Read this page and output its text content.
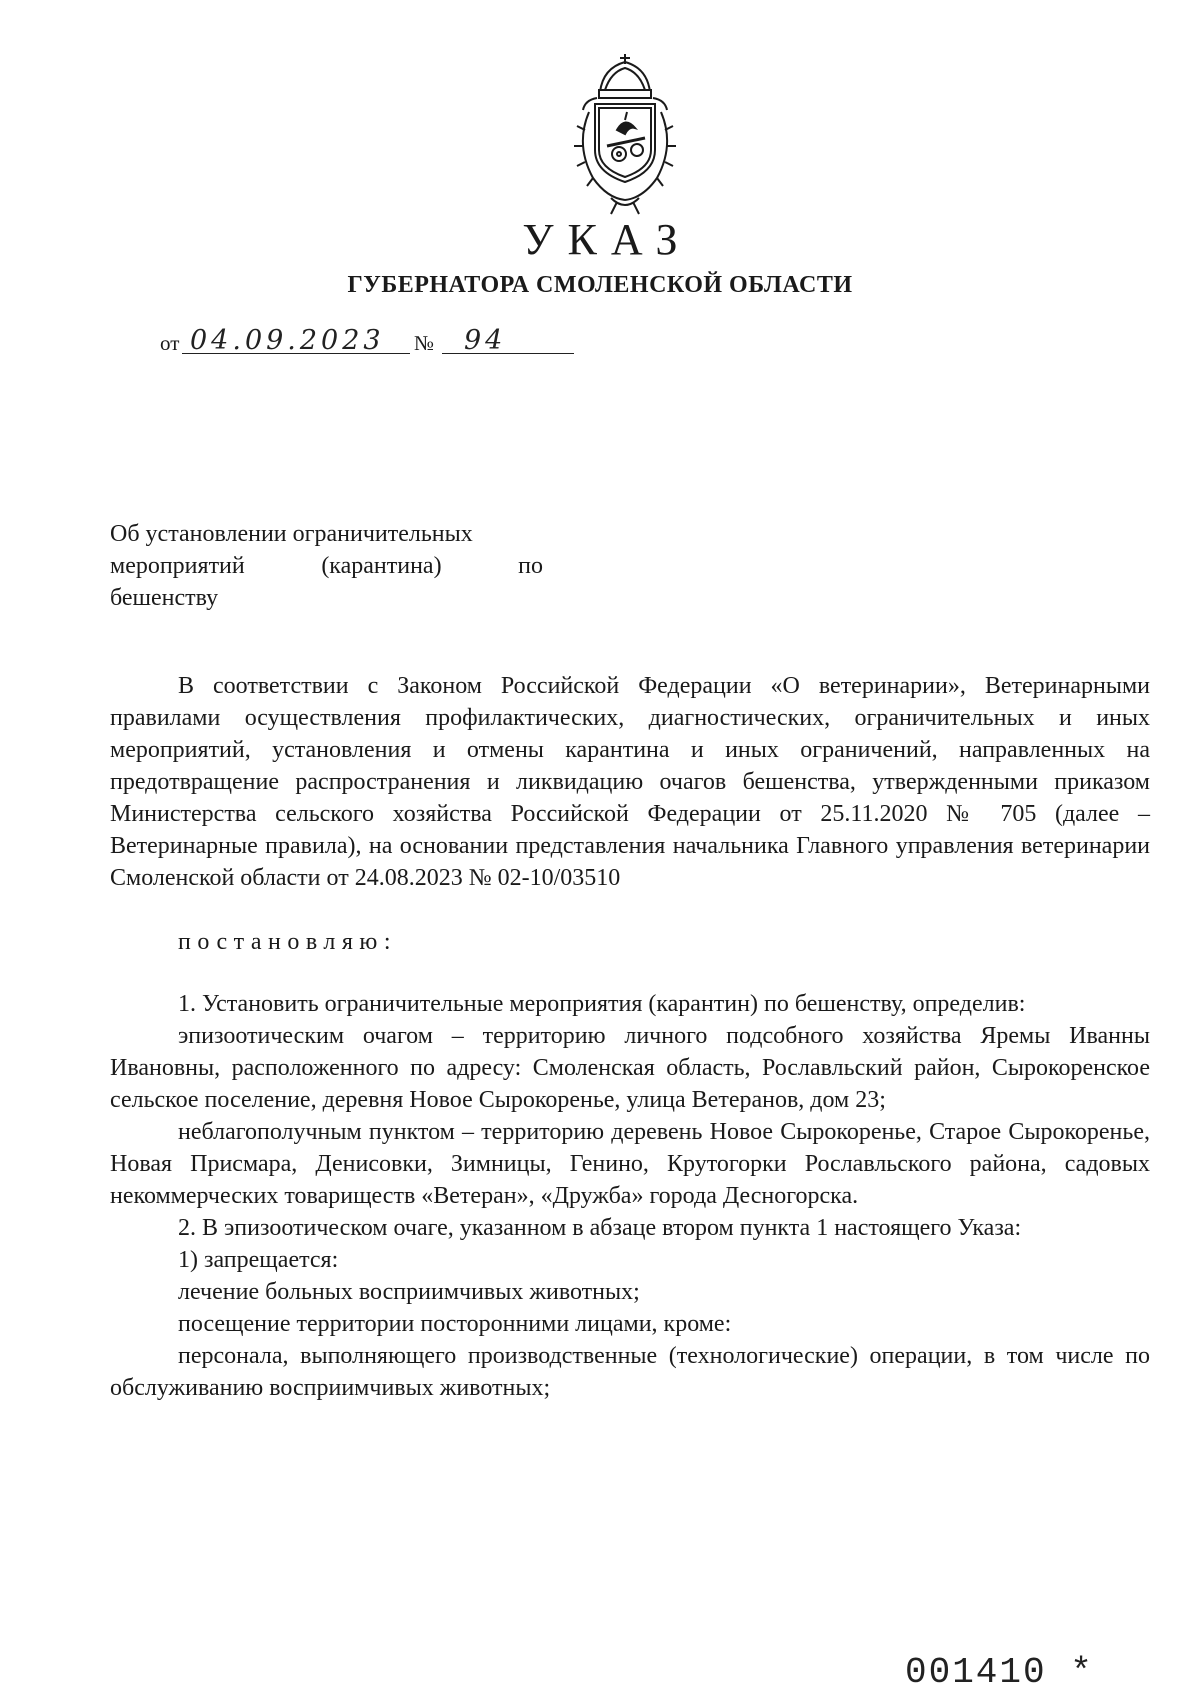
УКАЗ
ГУБЕРНАТОРА СМОЛЕНСКОЙ ОБЛАСТИ
от 04.09.2023 № 94
Об установлении ограничительных
мероприятий	(карантина)	по
бешенству

В соответствии с Законом Российской Федерации «О ветеринарии», Ветеринарными правилами осуществления профилактических, диагностических, ограничительных и иных мероприятий, установления и отмены карантина и иных ограничений, направленных на предотвращение распространения и ликвидацию очагов бешенства, утвержденными приказом Министерства сельского хозяйства Российской Федерации от 25.11.2020 № 705 (далее – Ветеринарные правила), на основании представления начальника Главного управления ветеринарии Смоленской области от 24.08.2023 № 02-10/03510

постановляю:

1. Установить ограничительные мероприятия (карантин) по бешенству, определив:

эпизоотическим очагом – территорию личного подсобного хозяйства Яремы Иванны Ивановны, расположенного по адресу: Смоленская область, Рославльский район, Сырокоренское сельское поселение, деревня Новое Сырокоренье, улица Ветеранов, дом 23;

неблагополучным пунктом – территорию деревень Новое Сырокоренье, Старое Сырокоренье, Новая Присмара, Денисовки, Зимницы, Генино, Крутогорки Рославльского района, садовых некоммерческих товариществ «Ветеран», «Дружба» города Десногорска.

2. В эпизоотическом очаге, указанном в абзаце втором пункта 1 настоящего Указа:

1) запрещается:

лечение больных восприимчивых животных;

посещение территории посторонними лицами, кроме:

персонала, выполняющего производственные (технологические) операции, в том числе по обслуживанию восприимчивых животных;

001410 *
